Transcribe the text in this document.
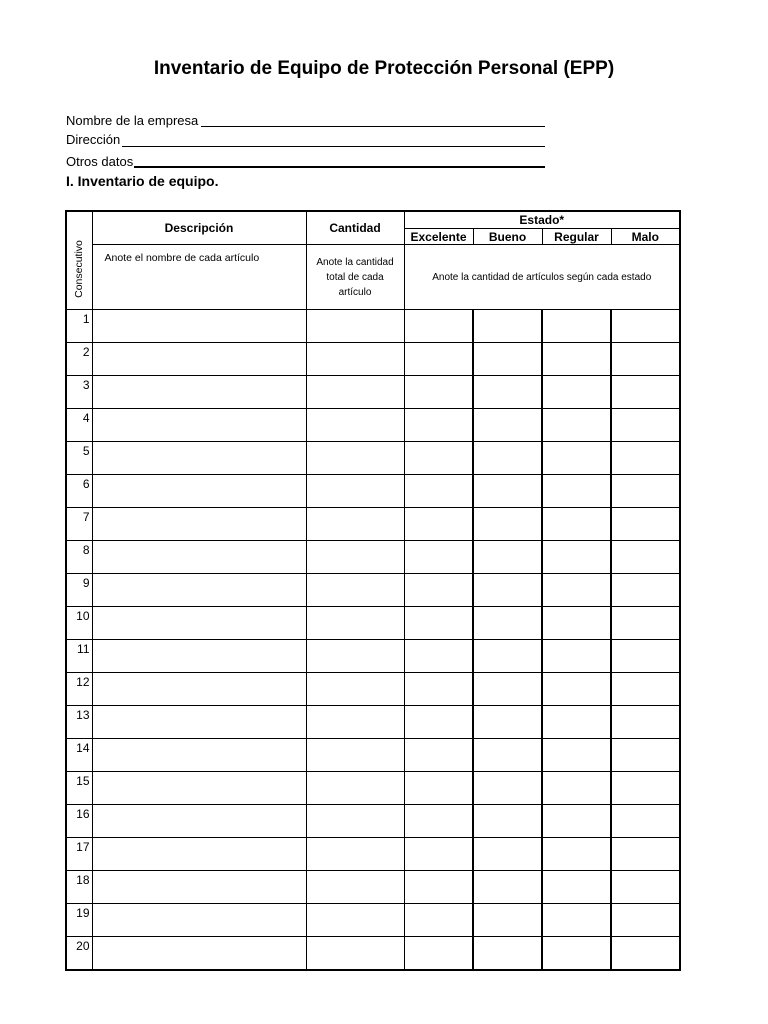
Inventario de Equipo de Protección Personal (EPP)
Nombre de la empresa
Dirección
Otros datos
I. Inventario de equipo.
Consecutivo	Descripción	Cantidad	Estado*			
			Excelente	Bueno	Regular	Malo
	Anote el nombre de cada artículo	Anote la cantidad total de cada artículo	Anote la cantidad de artículos según cada estado			
1						
2						
3						
4						
5						
6						
7						
8						
9						
10						
11						
12						
13						
14						
15						
16						
17						
18						
19						
20						
